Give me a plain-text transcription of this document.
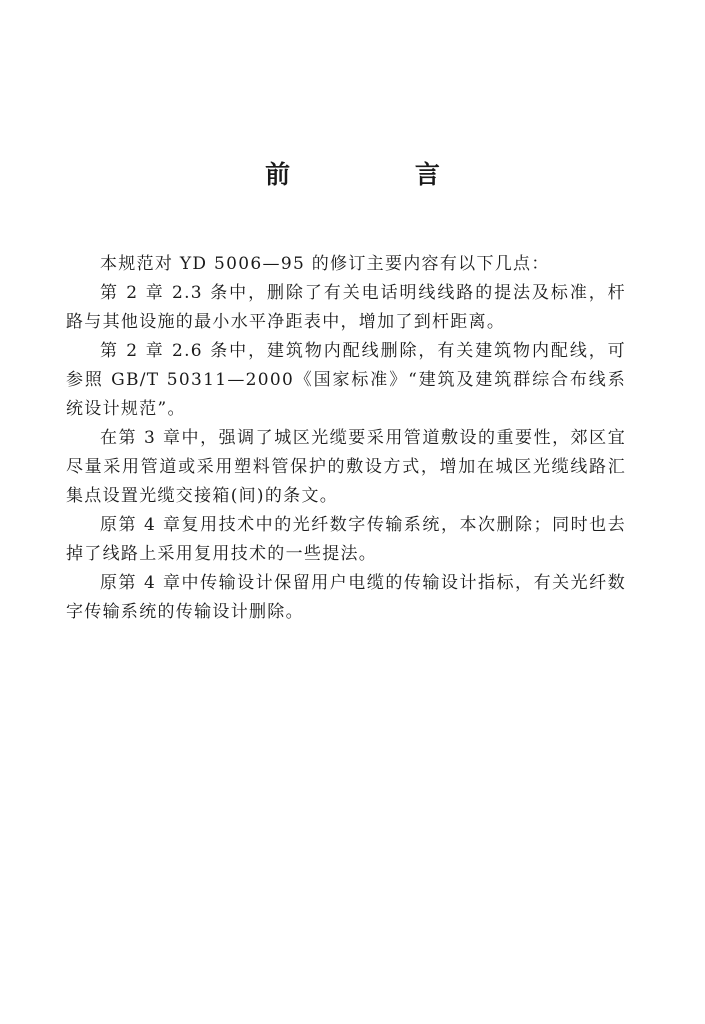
前 言

本规范对 YD 5006—95 的修订主要内容有以下几点：

第 2 章 2.3 条中，删除了有关电话明线线路的提法及标准，杆路与其他设施的最小水平净距表中，增加了到杆距离。

第 2 章 2.6 条中，建筑物内配线删除，有关建筑物内配线，可参照 GB/T 50311—2000《国家标准》“建筑及建筑群综合布线系统设计规范”。

在第 3 章中，强调了城区光缆要采用管道敷设的重要性，郊区宜尽量采用管道或采用塑料管保护的敷设方式，增加在城区光缆线路汇集点设置光缆交接箱(间)的条文。

原第 4 章复用技术中的光纤数字传输系统，本次删除；同时也去掉了线路上采用复用技术的一些提法。

原第 4 章中传输设计保留用户电缆的传输设计指标，有关光纤数字传输系统的传输设计删除。
